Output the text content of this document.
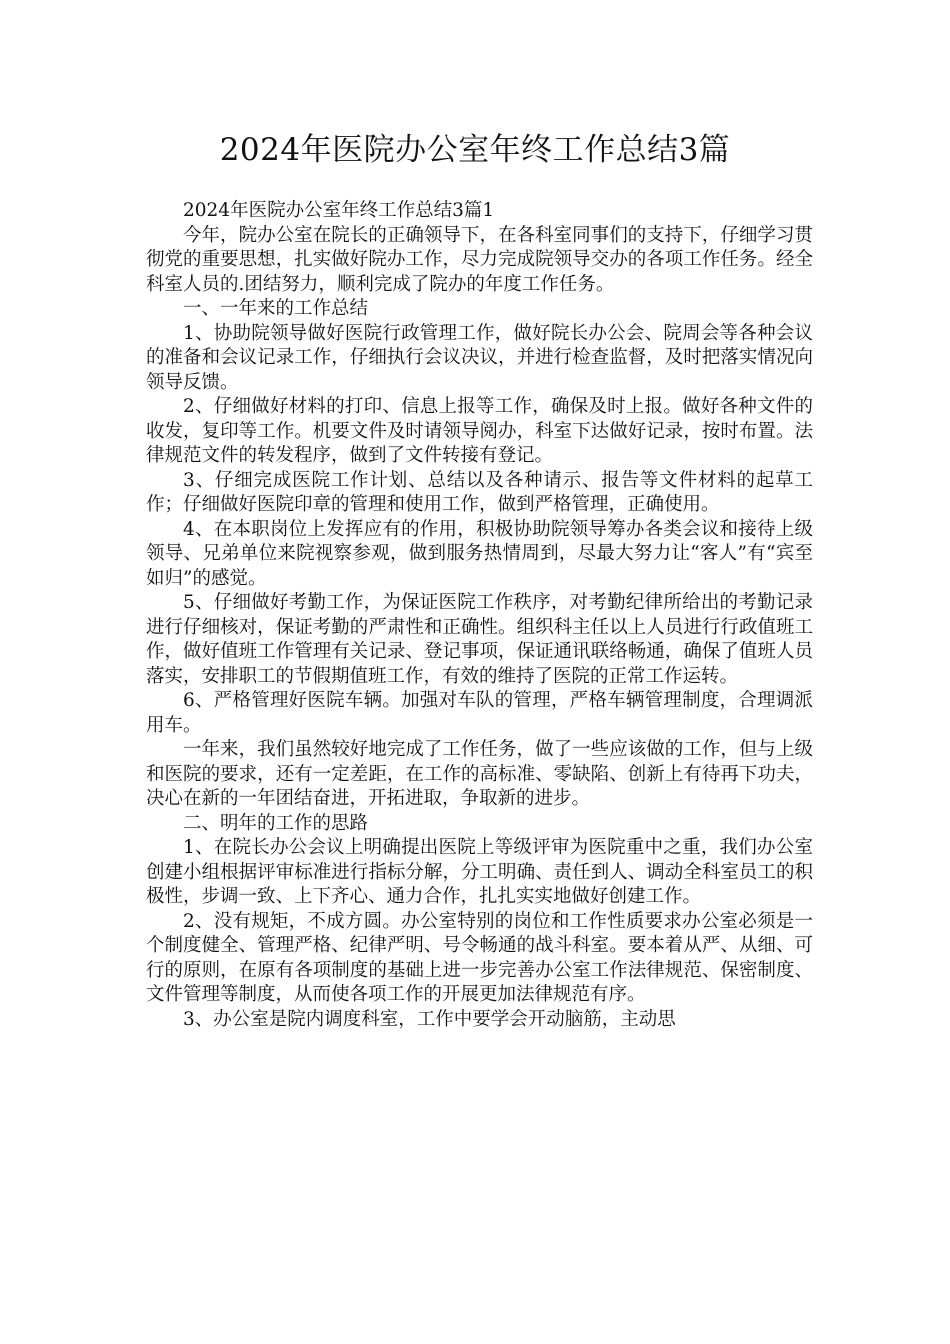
2024年医院办公室年终工作总结3篇

2024年医院办公室年终工作总结3篇1

今年，院办公室在院长的正确领导下，在各科室同事们的支持下，仔细学习贯彻党的重要思想，扎实做好院办工作，尽力完成院领导交办的各项工作任务。经全科室人员的.团结努力，顺利完成了院办的年度工作任务。

一、一年来的工作总结

1、协助院领导做好医院行政管理工作，做好院长办公会、院周会等各种会议的准备和会议记录工作，仔细执行会议决议，并进行检查监督，及时把落实情况向领导反馈。

2、仔细做好材料的打印、信息上报等工作，确保及时上报。做好各种文件的收发，复印等工作。机要文件及时请领导阅办，科室下达做好记录，按时布置。法律规范文件的转发程序，做到了文件转接有登记。

3、仔细完成医院工作计划、总结以及各种请示、报告等文件材料的起草工作；仔细做好医院印章的管理和使用工作，做到严格管理，正确使用。

4、在本职岗位上发挥应有的作用，积极协助院领导筹办各类会议和接待上级领导、兄弟单位来院视察参观，做到服务热情周到，尽最大努力让“客人”有“宾至如归”的感觉。

5、仔细做好考勤工作，为保证医院工作秩序，对考勤纪律所给出的考勤记录进行仔细核对，保证考勤的严肃性和正确性。组织科主任以上人员进行行政值班工作，做好值班工作管理有关记录、登记事项，保证通讯联络畅通，确保了值班人员落实，安排职工的节假期值班工作，有效的维持了医院的正常工作运转。

6、严格管理好医院车辆。加强对车队的管理，严格车辆管理制度，合理调派用车。

一年来，我们虽然较好地完成了工作任务，做了一些应该做的工作，但与上级和医院的要求，还有一定差距，在工作的高标准、零缺陷、创新上有待再下功夫，决心在新的一年团结奋进，开拓进取，争取新的进步。

二、明年的工作的思路

1、在院长办公会议上明确提出医院上等级评审为医院重中之重，我们办公室创建小组根据评审标准进行指标分解，分工明确、责任到人、调动全科室员工的积极性，步调一致、上下齐心、通力合作，扎扎实实地做好创建工作。

2、没有规矩，不成方圆。办公室特别的岗位和工作性质要求办公室必须是一个制度健全、管理严格、纪律严明、号令畅通的战斗科室。要本着从严、从细、可行的原则，在原有各项制度的基础上进一步完善办公室工作法律规范、保密制度、文件管理等制度，从而使各项工作的开展更加法律规范有序。

3、办公室是院内调度科室，工作中要学会开动脑筋，主动思
